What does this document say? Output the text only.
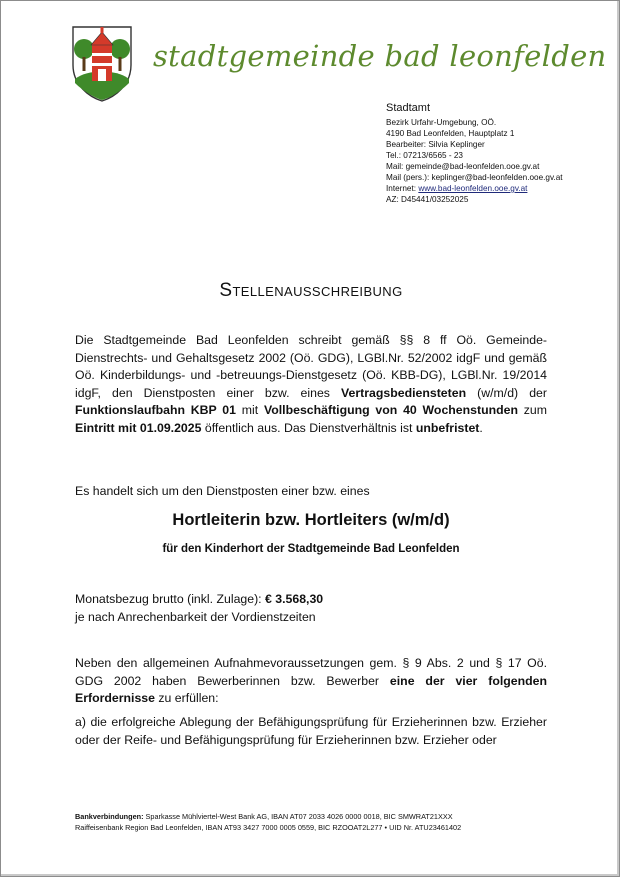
stadtgemeinde bad leonfelden
Stadtamt
Bezirk Urfahr-Umgebung, OÖ.
4190 Bad Leonfelden, Hauptplatz 1
Bearbeiter: Silvia Keplinger
Tel.: 07213/6565 - 23
Mail: gemeinde@bad-leonfelden.ooe.gv.at
Mail (pers.): keplinger@bad-leonfelden.ooe.gv.at
Internet: www.bad-leonfelden.ooe.gv.at
AZ: D45441/03252025
Stellenausschreibung
Die Stadtgemeinde Bad Leonfelden schreibt gemäß §§ 8 ff Oö. Gemeinde-Dienstrechts- und Gehaltsgesetz 2002 (Oö. GDG), LGBl.Nr. 52/2002 idgF und gemäß Oö. Kinderbildungs- und -betreuungs-Dienstgesetz (Oö. KBB-DG), LGBl.Nr. 19/2014 idgF, den Dienstposten einer bzw. eines Vertragsbediensteten (w/m/d) der Funktionslaufbahn KBP 01 mit Vollbeschäftigung von 40 Wochenstunden zum Eintritt mit 01.09.2025 öffentlich aus. Das Dienstverhältnis ist unbefristet.
Es handelt sich um den Dienstposten einer bzw. eines
Hortleiterin bzw. Hortleiters (w/m/d)
für den Kinderhort der Stadtgemeinde Bad Leonfelden
Monatsbezug brutto (inkl. Zulage): € 3.568,30
je nach Anrechenbarkeit der Vordienstzeiten
Neben den allgemeinen Aufnahmevoraussetzungen gem. § 9 Abs. 2 und § 17 Oö. GDG 2002 haben Bewerberinnen bzw. Bewerber eine der vier folgenden Erfordernisse zu erfüllen:
a) die erfolgreiche Ablegung der Befähigungsprüfung für Erzieherinnen bzw. Erzieher oder der Reife- und Befähigungsprüfung für Erzieherinnen bzw. Erzieher oder
Bankverbindungen: Sparkasse Mühlviertel-West Bank AG, IBAN AT07 2033 4026 0000 0018, BIC SMWRAT21XXX
Raiffeisenbank Region Bad Leonfelden, IBAN AT93 3427 7000 0005 0559, BIC RZOOAT2L277 • UID Nr. ATU23461402
